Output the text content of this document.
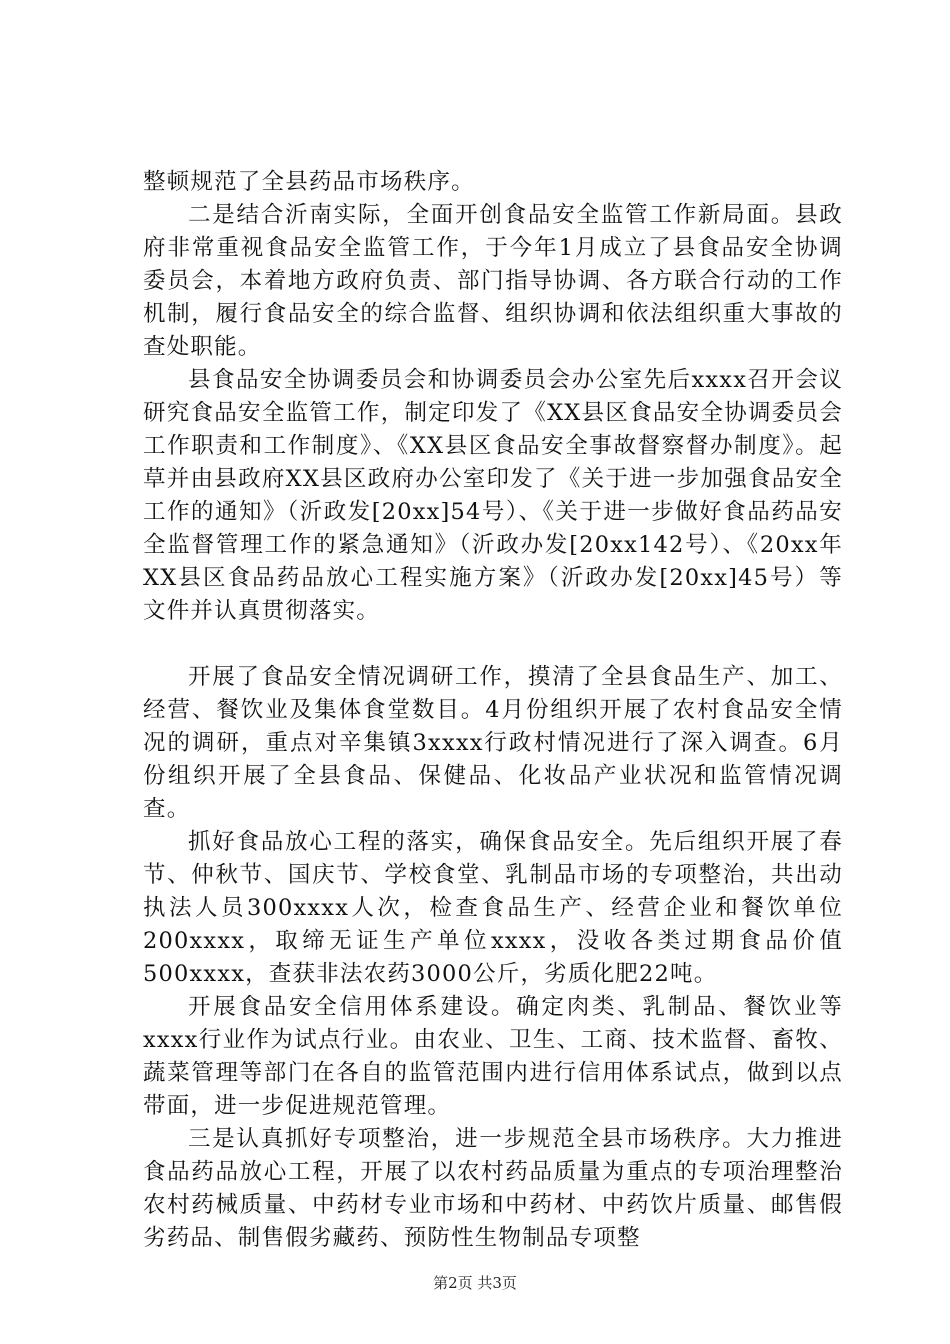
整顿规范了全县药品市场秩序。

二是结合沂南实际，全面开创食品安全监管工作新局面。县政府非常重视食品安全监管工作，于今年1月成立了县食品安全协调委员会，本着地方政府负责、部门指导协调、各方联合行动的工作机制，履行食品安全的综合监督、组织协调和依法组织重大事故的查处职能。

县食品安全协调委员会和协调委员会办公室先后xxxx召开会议研究食品安全监管工作，制定印发了《XX县区食品安全协调委员会工作职责和工作制度》、《XX县区食品安全事故督察督办制度》。起草并由县政府XX县区政府办公室印发了《关于进一步加强食品安全工作的通知》（沂政发[20xx]54号）、《关于进一步做好食品药品安全监督管理工作的紧急通知》（沂政办发[20xx142号）、《20xx年XX县区食品药品放心工程实施方案》（沂政办发[20xx]45号）等文件并认真贯彻落实。

开展了食品安全情况调研工作，摸清了全县食品生产、加工、经营、餐饮业及集体食堂数目。4月份组织开展了农村食品安全情况的调研，重点对辛集镇3xxxx行政村情况进行了深入调查。6月份组织开展了全县食品、保健品、化妆品产业状况和监管情况调查。

抓好食品放心工程的落实，确保食品安全。先后组织开展了春节、仲秋节、国庆节、学校食堂、乳制品市场的专项整治，共出动执法人员300xxxx人次，检查食品生产、经营企业和餐饮单位200xxxx，取缔无证生产单位xxxx，没收各类过期食品价值500xxxx，查获非法农药3000公斤，劣质化肥22吨。

开展食品安全信用体系建设。确定肉类、乳制品、餐饮业等xxxx行业作为试点行业。由农业、卫生、工商、技术监督、畜牧、蔬菜管理等部门在各自的监管范围内进行信用体系试点，做到以点带面，进一步促进规范管理。

三是认真抓好专项整治，进一步规范全县市场秩序。大力推进食品药品放心工程，开展了以农村药品质量为重点的专项治理整治农村药械质量、中药材专业市场和中药材、中药饮片质量、邮售假劣药品、制售假劣藏药、预防性生物制品专项整

第2页 共3页
